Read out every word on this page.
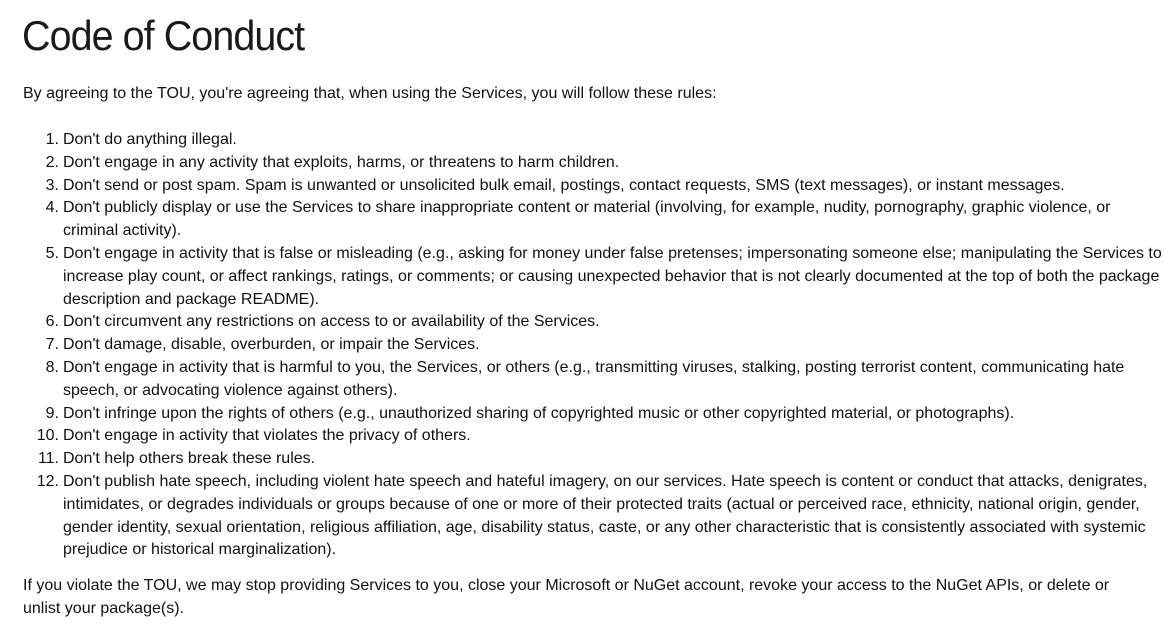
Code of Conduct

By agreeing to the TOU, you're agreeing that, when using the Services, you will follow these rules:

1. Don't do anything illegal.
2. Don't engage in any activity that exploits, harms, or threatens to harm children.
3. Don't send or post spam. Spam is unwanted or unsolicited bulk email, postings, contact requests, SMS (text messages), or instant messages.
4. Don't publicly display or use the Services to share inappropriate content or material (involving, for example, nudity, pornography, graphic violence, or criminal activity).
5. Don't engage in activity that is false or misleading (e.g., asking for money under false pretenses; impersonating someone else; manipulating the Services to increase play count, or affect rankings, ratings, or comments; or causing unexpected behavior that is not clearly documented at the top of both the package description and package README).
6. Don't circumvent any restrictions on access to or availability of the Services.
7. Don't damage, disable, overburden, or impair the Services.
8. Don't engage in activity that is harmful to you, the Services, or others (e.g., transmitting viruses, stalking, posting terrorist content, communicating hate speech, or advocating violence against others).
9. Don't infringe upon the rights of others (e.g., unauthorized sharing of copyrighted music or other copyrighted material, or photographs).
10. Don't engage in activity that violates the privacy of others.
11. Don't help others break these rules.
12. Don't publish hate speech, including violent hate speech and hateful imagery, on our services. Hate speech is content or conduct that attacks, denigrates, intimidates, or degrades individuals or groups because of one or more of their protected traits (actual or perceived race, ethnicity, national origin, gender, gender identity, sexual orientation, religious affiliation, age, disability status, caste, or any other characteristic that is consistently associated with systemic prejudice or historical marginalization).

If you violate the TOU, we may stop providing Services to you, close your Microsoft or NuGet account, revoke your access to the NuGet APIs, or delete or unlist your package(s).
